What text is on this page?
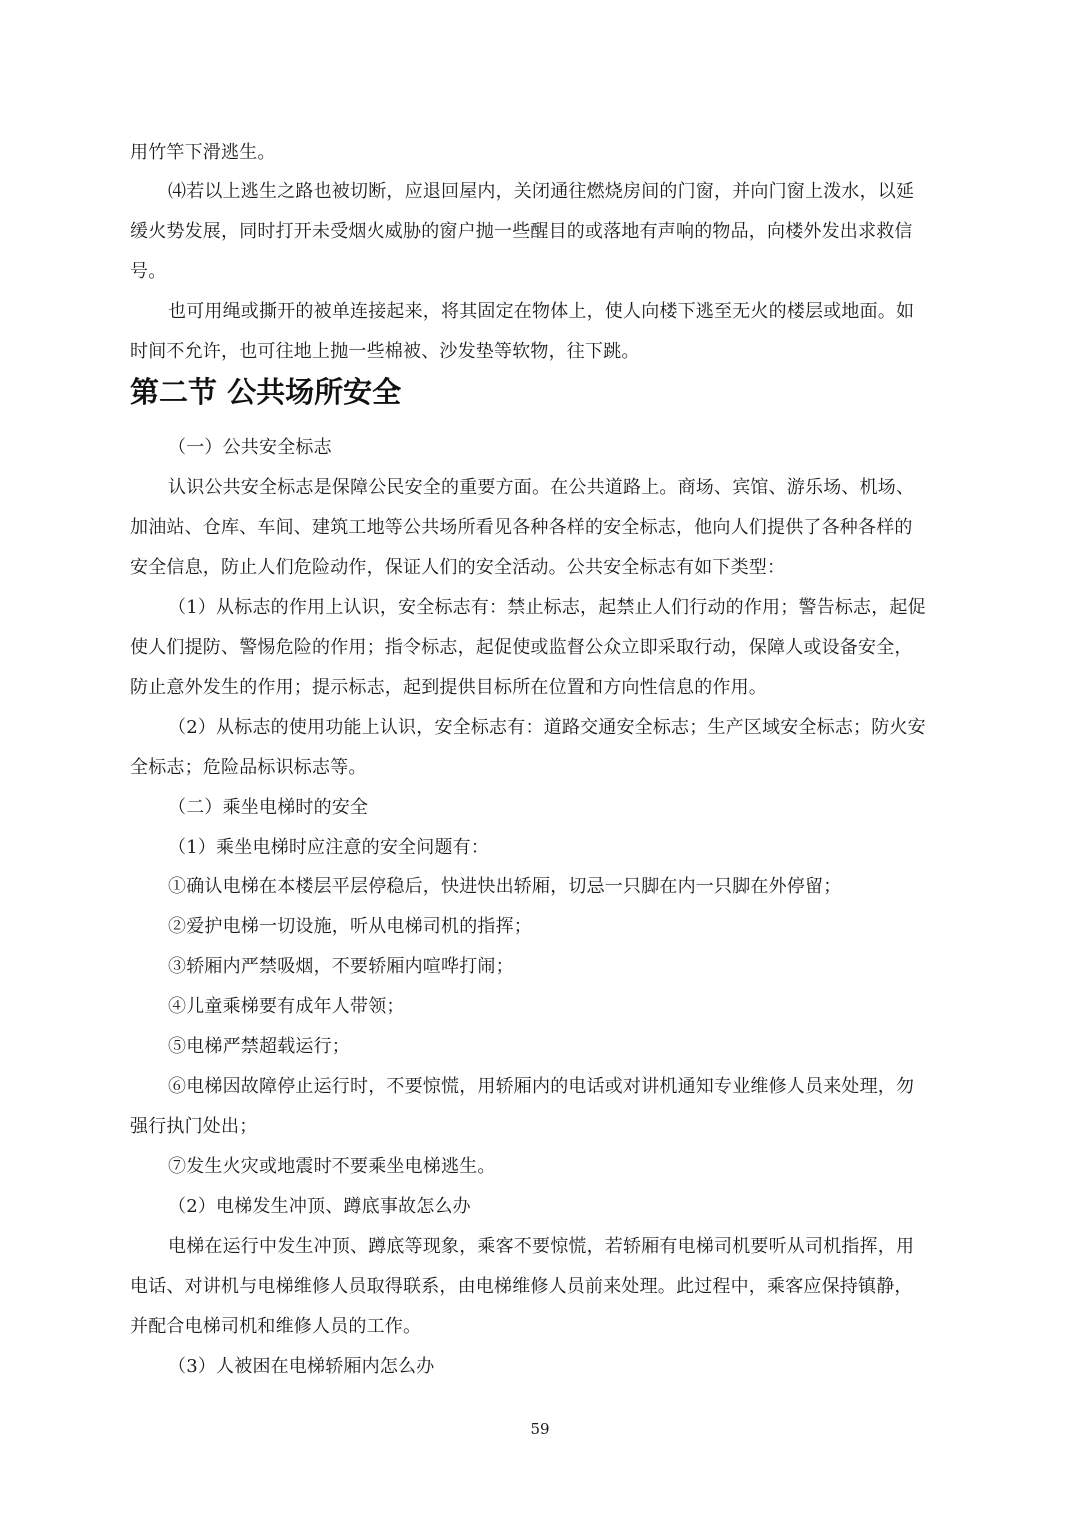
用竹竿下滑逃生。
⑷若以上逃生之路也被切断，应退回屋内，关闭通往燃烧房间的门窗，并向门窗上泼水，以延
缓火势发展，同时打开未受烟火威胁的窗户抛一些醒目的或落地有声响的物品，向楼外发出求救信
号。
也可用绳或撕开的被单连接起来，将其固定在物体上，使人向楼下逃至无火的楼层或地面。如
时间不允许，也可往地上抛一些棉被、沙发垫等软物，往下跳。
第二节 公共场所安全
（一）公共安全标志
认识公共安全标志是保障公民安全的重要方面。在公共道路上。商场、宾馆、游乐场、机场、
加油站、仓库、车间、建筑工地等公共场所看见各种各样的安全标志，他向人们提供了各种各样的
安全信息，防止人们危险动作，保证人们的安全活动。公共安全标志有如下类型：
（1）从标志的作用上认识，安全标志有：禁止标志，起禁止人们行动的作用；警告标志，起促
使人们提防、警惕危险的作用；指令标志，起促使或监督公众立即采取行动，保障人或设备安全，
防止意外发生的作用；提示标志，起到提供目标所在位置和方向性信息的作用。
（2）从标志的使用功能上认识，安全标志有：道路交通安全标志；生产区域安全标志；防火安
全标志；危险品标识标志等。
（二）乘坐电梯时的安全
（1）乘坐电梯时应注意的安全问题有：
①确认电梯在本楼层平层停稳后，快进快出轿厢，切忌一只脚在内一只脚在外停留；
②爱护电梯一切设施，听从电梯司机的指挥；
③轿厢内严禁吸烟，不要轿厢内喧哗打闹；
④儿童乘梯要有成年人带领；
⑤电梯严禁超载运行；
⑥电梯因故障停止运行时，不要惊慌，用轿厢内的电话或对讲机通知专业维修人员来处理，勿
强行执门处出；
⑦发生火灾或地震时不要乘坐电梯逃生。
（2）电梯发生冲顶、蹲底事故怎么办
电梯在运行中发生冲顶、蹲底等现象，乘客不要惊慌，若轿厢有电梯司机要听从司机指挥，用
电话、对讲机与电梯维修人员取得联系，由电梯维修人员前来处理。此过程中，乘客应保持镇静，
并配合电梯司机和维修人员的工作。
（3）人被困在电梯轿厢内怎么办
59
